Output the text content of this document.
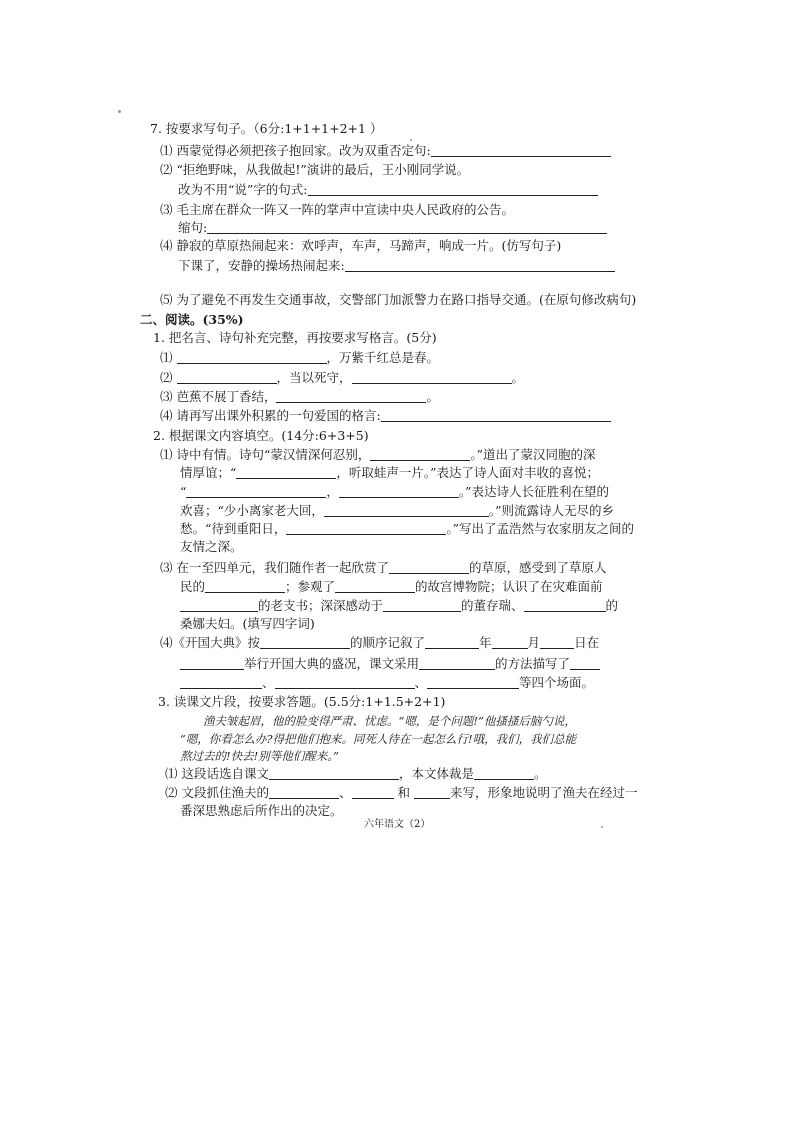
7. 按要求写句子。（6分:1+1+1+2+1 ）
⑴ 西蒙觉得必须把孩子抱回家。改为双重否定句:
⑵ “拒绝野味，从我做起!”演讲的最后，王小刚同学说。
改为不用“说”字的句式:
⑶ 毛主席在群众一阵又一阵的掌声中宣读中央人民政府的公告。
缩句:
⑷ 静寂的草原热闹起来：欢呼声，车声，马蹄声，响成一片。(仿写句子)
下课了，安静的操场热闹起来:
⑸ 为了避免不再发生交通事故，交警部门加派警力在路口指导交通。(在原句修改病句)
二、阅读。(35%)
1. 把名言、诗句补充完整，再按要求写格言。(5分)
⑴	，万紫千红总是春。
⑵	，当以死守，	。
⑶ 芭蕉不展丁香结，	。
⑷ 请再写出课外积累的一句爱国的格言:
2. 根据课文内容填空。(14分:6+3+5)
⑴ 诗中有情。诗句“蒙汉情深何忍别，	。”道出了蒙汉同胞的深
情厚谊；“	，听取蛙声一片。”表达了诗人面对丰收的喜悦；
“	，	。”表达诗人长征胜利在望的
欢喜；“少小离家老大回，	。”则流露诗人无尽的乡
愁。“待到重阳日，	。”写出了孟浩然与农家朋友之间的
友情之深。
⑶ 在一至四单元，我们随作者一起欣赏了	的草原，感受到了草原人
民的	；参观了	的故宫博物院；认识了在灾难面前
的老支书；深深感动于	的董存瑞、	的
桑娜夫妇。(填写四字词)
⑷《开国大典》按	的顺序记叙了	年	月	日在
举行开国大典的盛况，课文采用	的方法描写了
、	、	等四个场面。
3. 读课文片段，按要求答题。(5.5分:1+1.5+2+1)
渔夫皱起眉，他的脸变得严肃、忧虑。“嗯，是个问题!”他搔搔后脑勺说，
“嗯，你看怎么办?得把他们抱来。同死人待在一起怎么行!哦，我们，我们总能
熬过去的!快去!别等他们醒来。”
⑴ 这段话选自课文	，本文体裁是	。
⑵ 文段抓住渔夫的	、	和	来写，形象地说明了渔夫在经过一
番深思熟虑后所作出的决定。
六年语文（2）
